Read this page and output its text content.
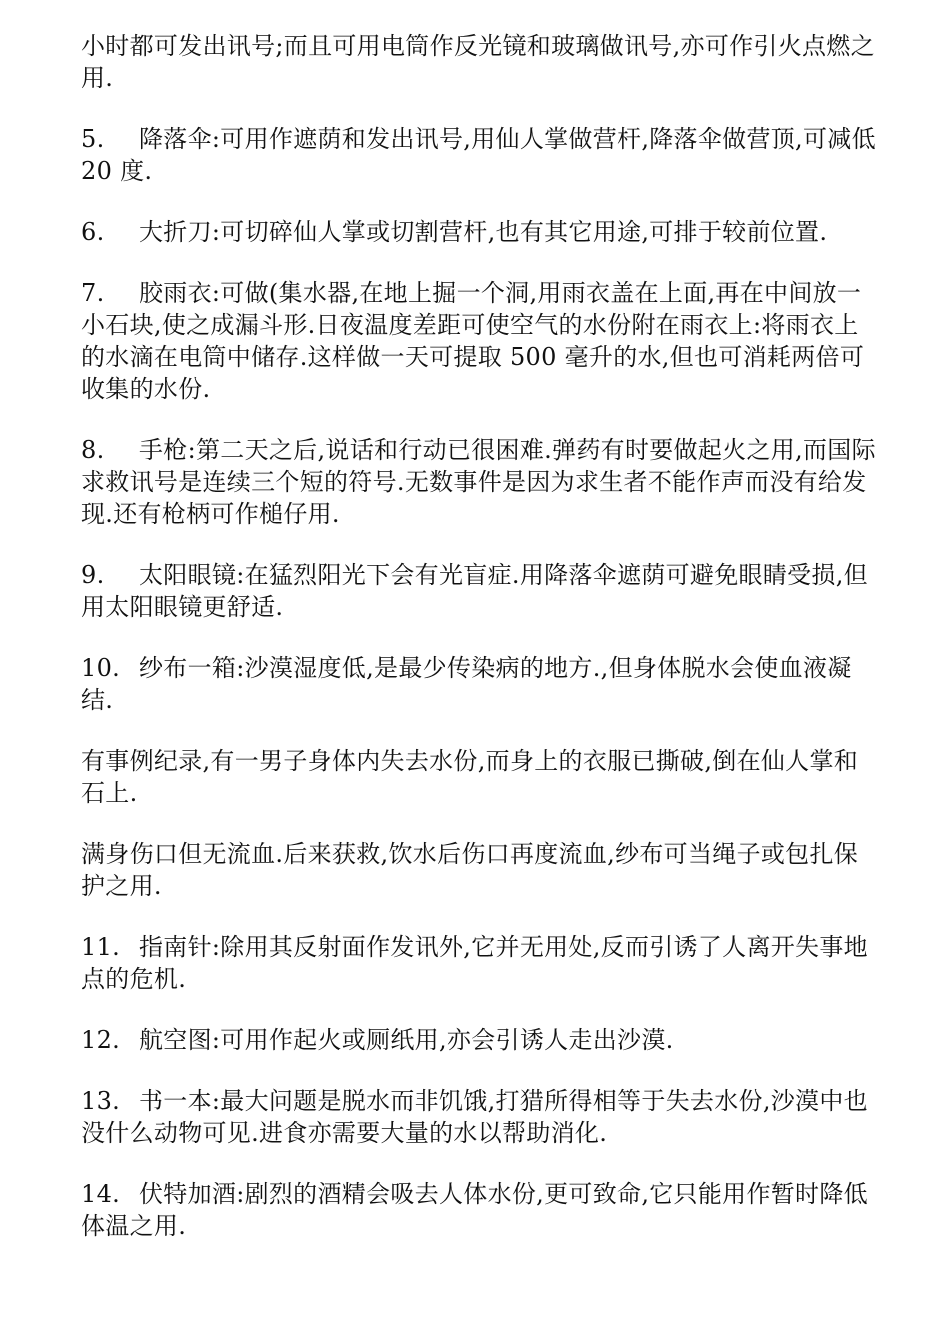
小时都可发出讯号;而且可用电筒作反光镜和玻璃做讯号,亦可作引火点燃之用.

5. 降落伞:可用作遮荫和发出讯号,用仙人掌做营杆,降落伞做营顶,可减低 20 度.

6. 大折刀:可切碎仙人掌或切割营杆,也有其它用途,可排于较前位置.

7. 胶雨衣:可做(集水器,在地上掘一个洞,用雨衣盖在上面,再在中间放一小石块,使之成漏斗形.日夜温度差距可使空气的水份附在雨衣上:将雨衣上的水滴在电筒中储存.这样做一天可提取 500 毫升的水,但也可消耗两倍可收集的水份.

8. 手枪:第二天之后,说话和行动已很困难.弹药有时要做起火之用,而国际求救讯号是连续三个短的符号.无数事件是因为求生者不能作声而没有给发现.还有枪柄可作槌仔用.

9. 太阳眼镜:在猛烈阳光下会有光盲症.用降落伞遮荫可避免眼睛受损,但用太阳眼镜更舒适.

10. 纱布一箱:沙漠湿度低,是最少传染病的地方.,但身体脱水会使血液凝结.

有事例纪录,有一男子身体内失去水份,而身上的衣服已撕破,倒在仙人掌和石上.

满身伤口但无流血.后来获救,饮水后伤口再度流血,纱布可当绳子或包扎保护之用.

11. 指南针:除用其反射面作发讯外,它并无用处,反而引诱了人离开失事地点的危机.

12. 航空图:可用作起火或厕纸用,亦会引诱人走出沙漠.

13. 书一本:最大问题是脱水而非饥饿,打猎所得相等于失去水份,沙漠中也没什么动物可见.进食亦需要大量的水以帮助消化.

14. 伏特加酒:剧烈的酒精会吸去人体水份,更可致命,它只能用作暂时降低体温之用.
